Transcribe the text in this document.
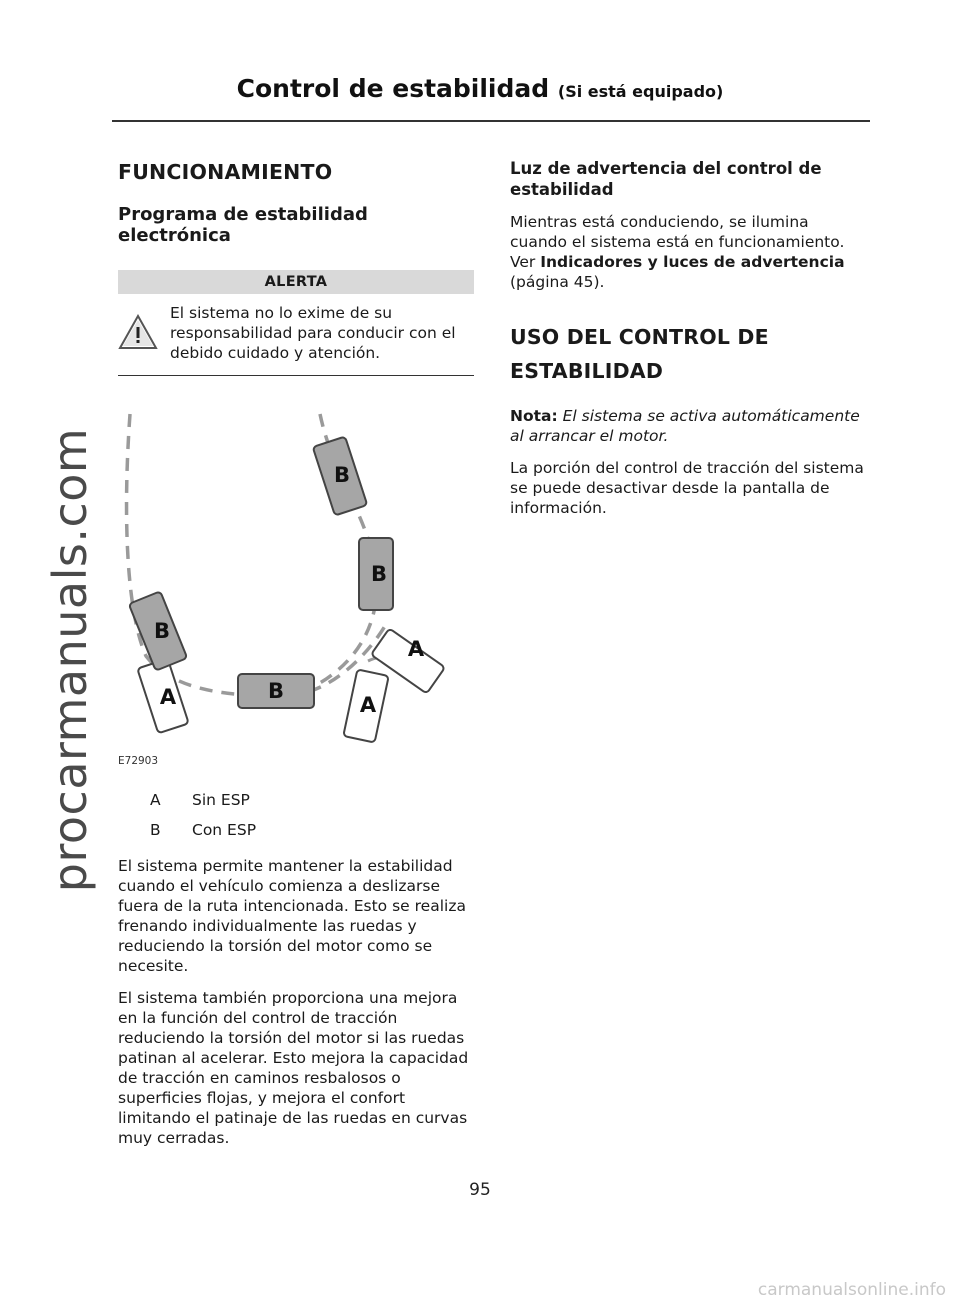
procarmanuals.com
Control de estabilidad (Si está equipado)
FUNCIONAMIENTO
Programa de estabilidad electrónica
ALERTA

El sistema no lo exime de su responsabilidad para conducir con el debido cuidado y atención.

B
B
B
B
A
A	A
E72903
A	Sin ESP
B	Con ESP

El sistema permite mantener la estabilidad cuando el vehículo comienza a deslizarse fuera de la ruta intencionada. Esto se realiza frenando individualmente las ruedas y reduciendo la torsión del motor como se necesite.

El sistema también proporciona una mejora en la función del control de tracción reduciendo la torsión del motor si las ruedas patinan al acelerar. Esto mejora la capacidad de tracción en caminos resbalosos o superficies flojas, y mejora el confort limitando el patinaje de las ruedas en curvas muy cerradas.

Luz de advertencia del control de estabilidad

Mientras está conduciendo, se ilumina cuando el sistema está en funcionamiento. Ver Indicadores y luces de advertencia (página 45).

USO DEL CONTROL DE
ESTABILIDAD

Nota: El sistema se activa automáticamente al arrancar el motor.

La porción del control de tracción del sistema se puede desactivar desde la pantalla de información.

95
carmanualsonline.info
